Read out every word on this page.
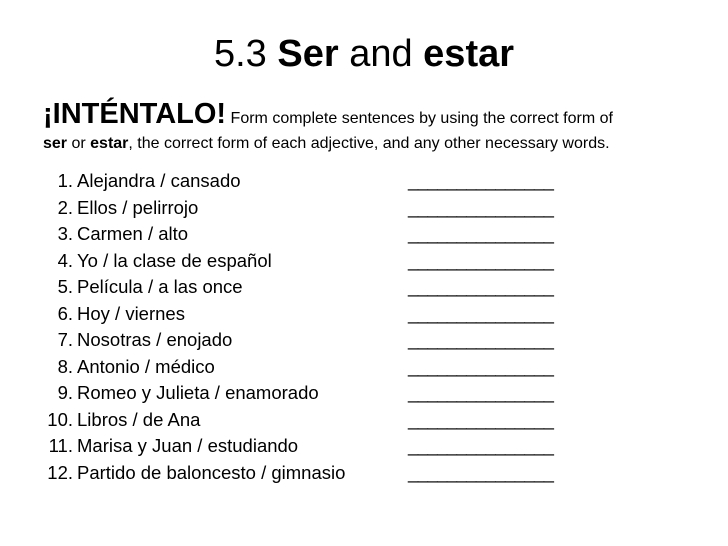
5.3 Ser and estar
¡INTÉNTALO! Form complete sentences by using the correct form of
ser or estar, the correct form of each adjective, and any other necessary words.
1. Alejandra / cansado	_______________
2. Ellos / pelirrojo	_______________
3. Carmen / alto	_______________
4. Yo / la clase de español	_______________
5. Película / a las once	_______________
6. Hoy / viernes	_______________
7. Nosotras / enojado	_______________
8. Antonio / médico	_______________
9. Romeo y Julieta / enamorado	_______________
10. Libros / de Ana	_______________
11. Marisa y Juan / estudiando	_______________
12. Partido de baloncesto / gimnasio	_______________
